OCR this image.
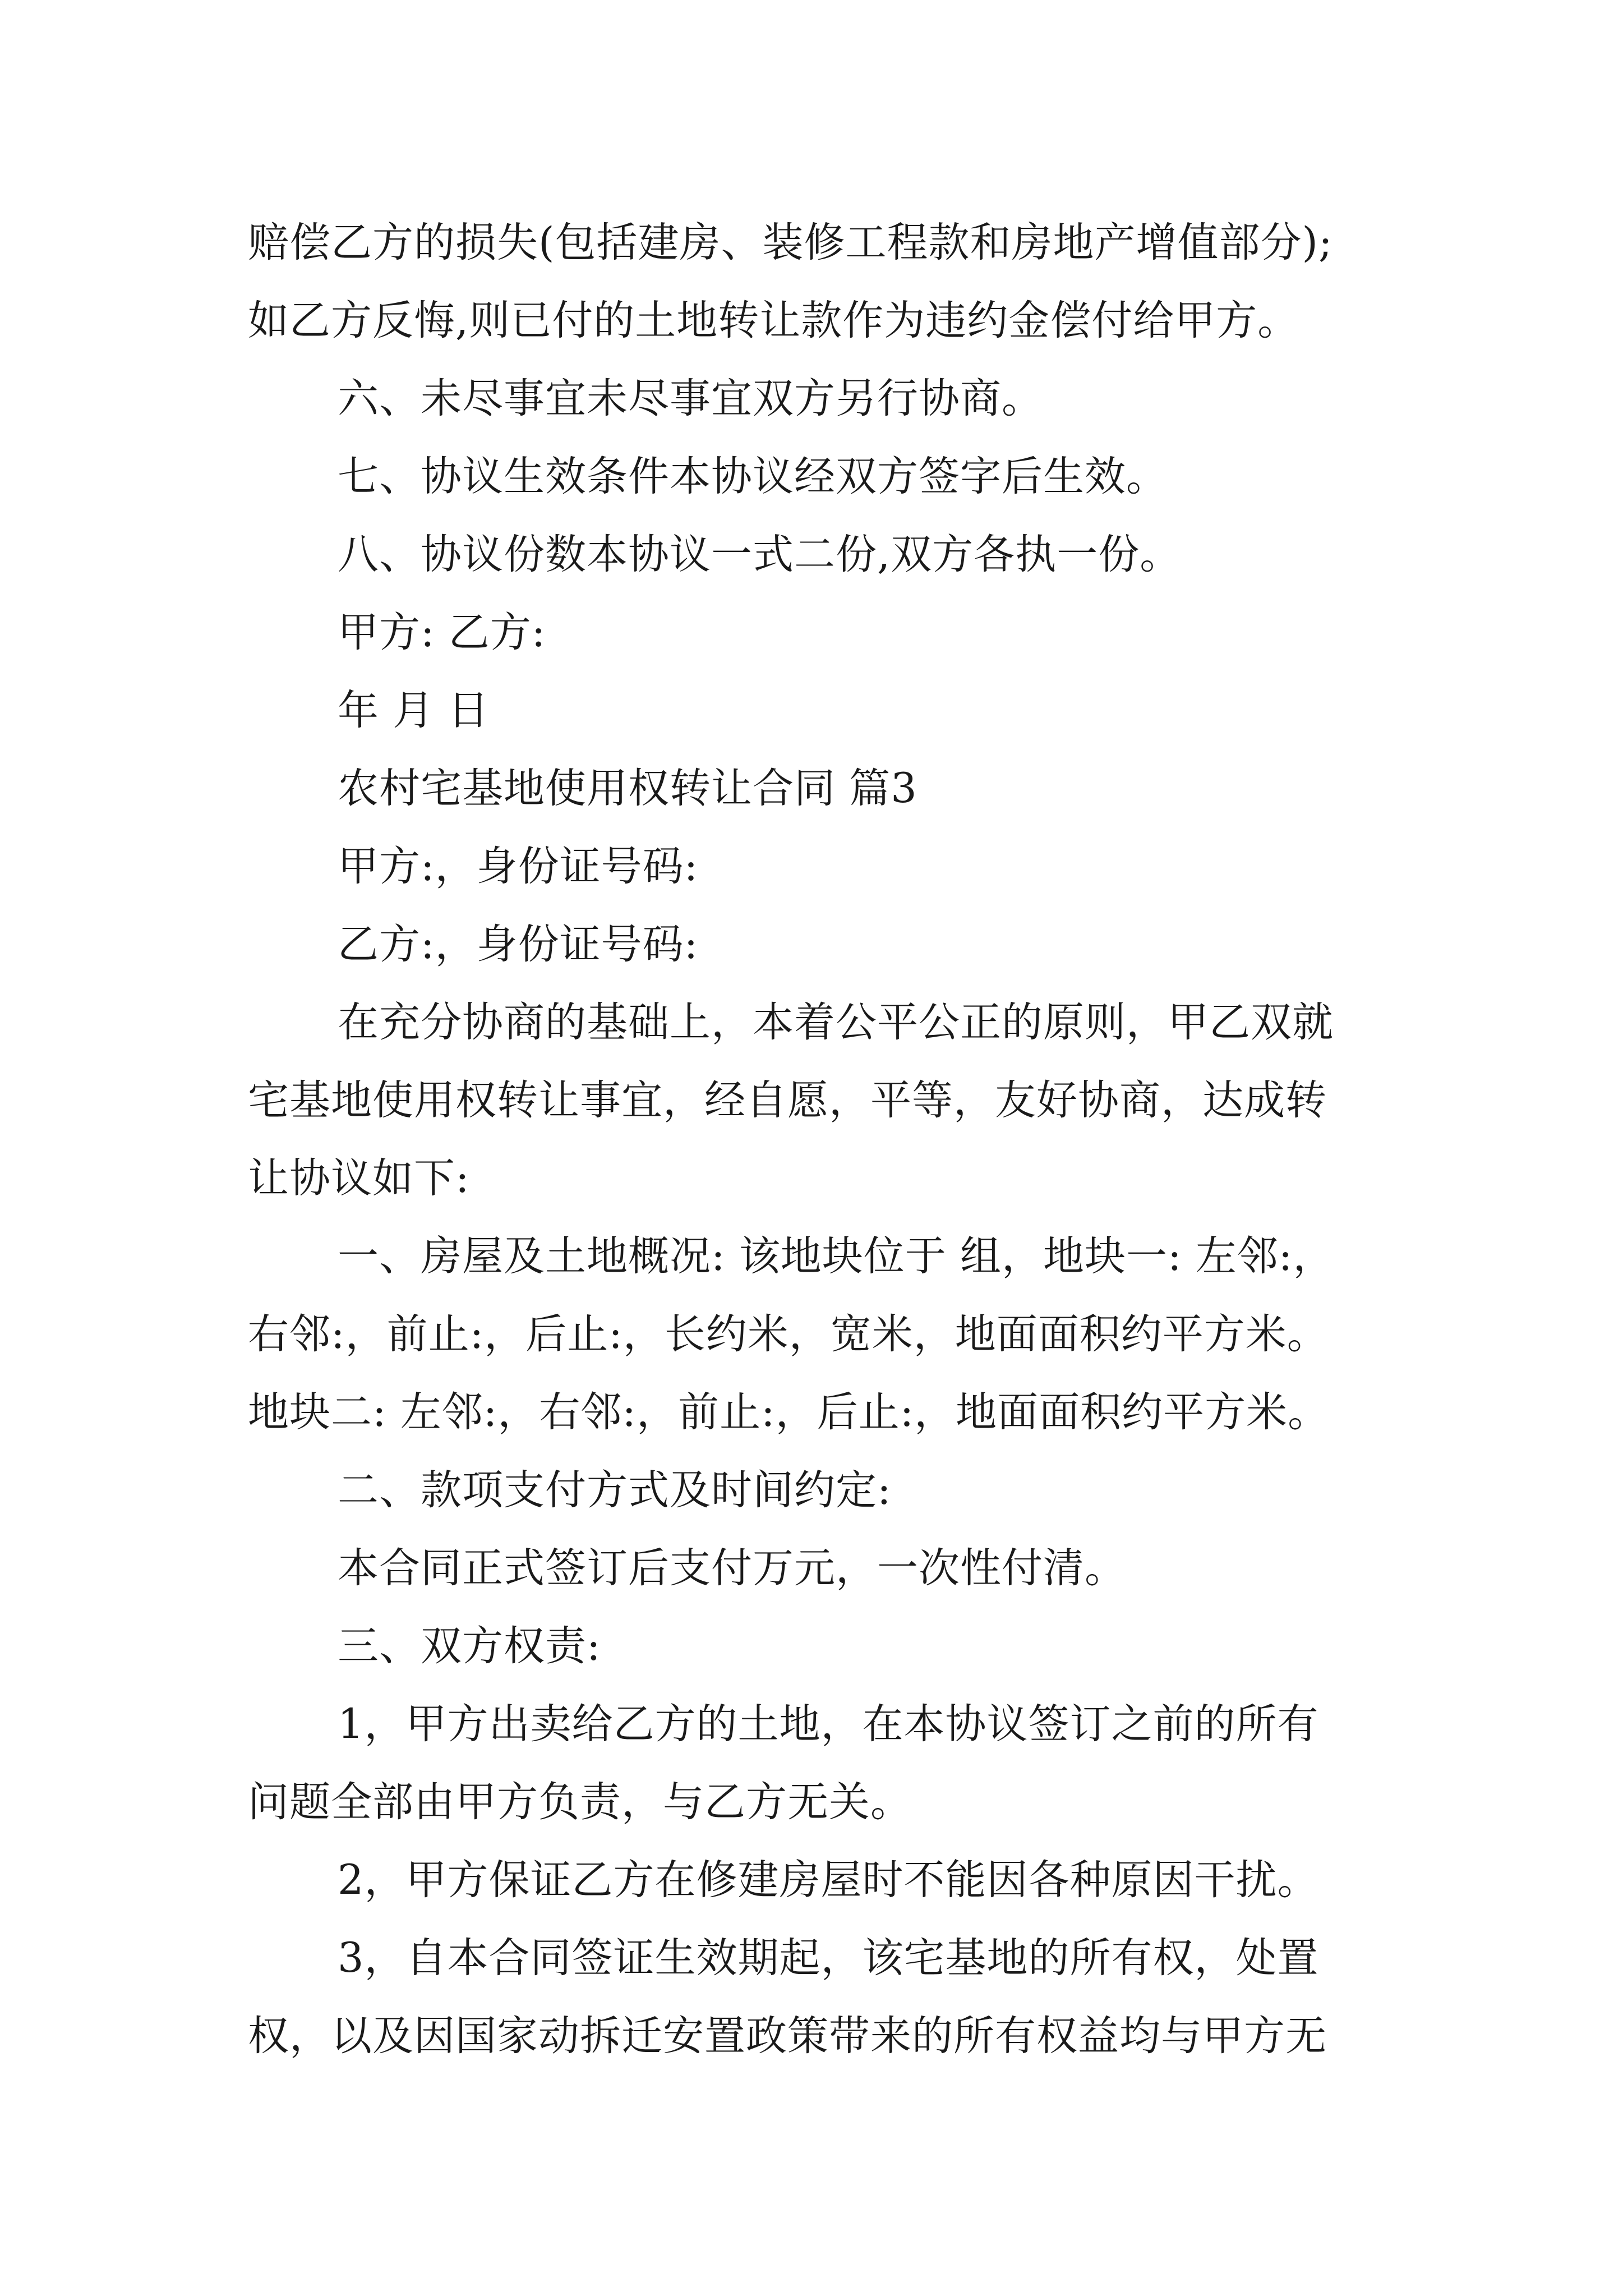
赔偿乙方的损失(包括建房、装修工程款和房地产增值部分);
如乙方反悔,则已付的土地转让款作为违约金偿付给甲方。
六、未尽事宜未尽事宜双方另行协商。
七、协议生效条件本协议经双方签字后生效。
八、协议份数本协议一式二份,双方各执一份。
甲方: 乙方:
年 月 日
农村宅基地使用权转让合同 篇3
甲方:，身份证号码:
乙方:，身份证号码:
在充分协商的基础上，本着公平公正的原则，甲乙双就
宅基地使用权转让事宜，经自愿，平等，友好协商，达成转
让协议如下:
一、房屋及土地概况: 该地块位于 组，地块一: 左邻:，
右邻:，前止:，后止:，长约米，宽米，地面面积约平方米。
地块二: 左邻:，右邻:，前止:，后止:，地面面积约平方米。
二、款项支付方式及时间约定:
本合同正式签订后支付万元，一次性付清。
三、双方权责:
1，甲方出卖给乙方的土地，在本协议签订之前的所有
问题全部由甲方负责，与乙方无关。
2，甲方保证乙方在修建房屋时不能因各种原因干扰。
3，自本合同签证生效期起，该宅基地的所有权，处置
权，以及因国家动拆迁安置政策带来的所有权益均与甲方无
